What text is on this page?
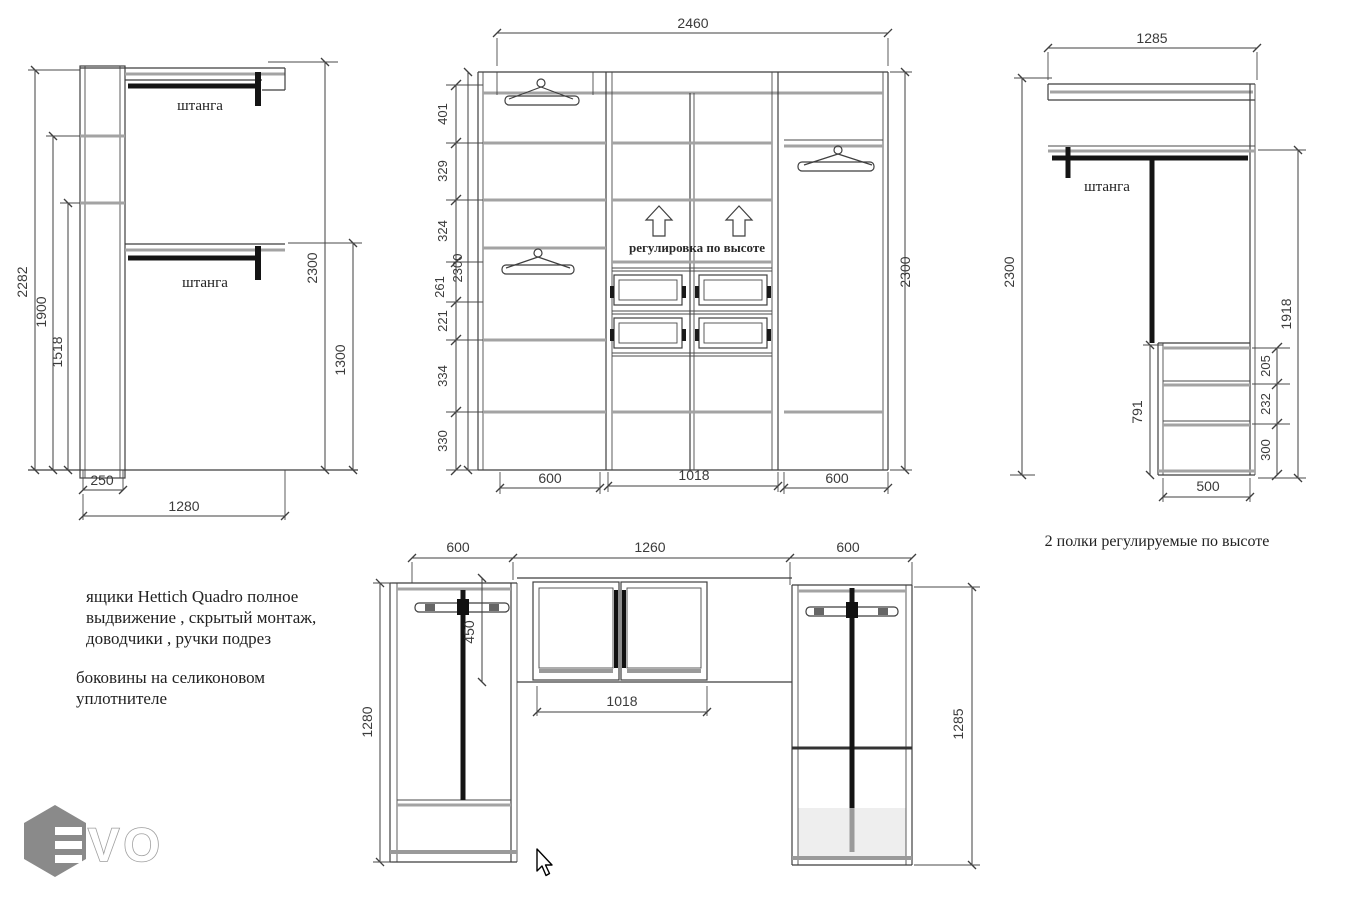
2282
1900
1518
штанга
штанга	2300
1300
250
1280
2460
регулировка по высоте
401
329
324
261
221
334
330
2300	2300
600	1018	600
1285
2300
штанга
1918
791
205
232
300
500
2 полки регулируемые по высоте
600	1260	600
1280
450
1018
1285
ящики Hettich Quadro полное
выдвижение , скрытый монтаж,
доводчики , ручки подрез
боковины на селиконовом
уплотнителе
VO
